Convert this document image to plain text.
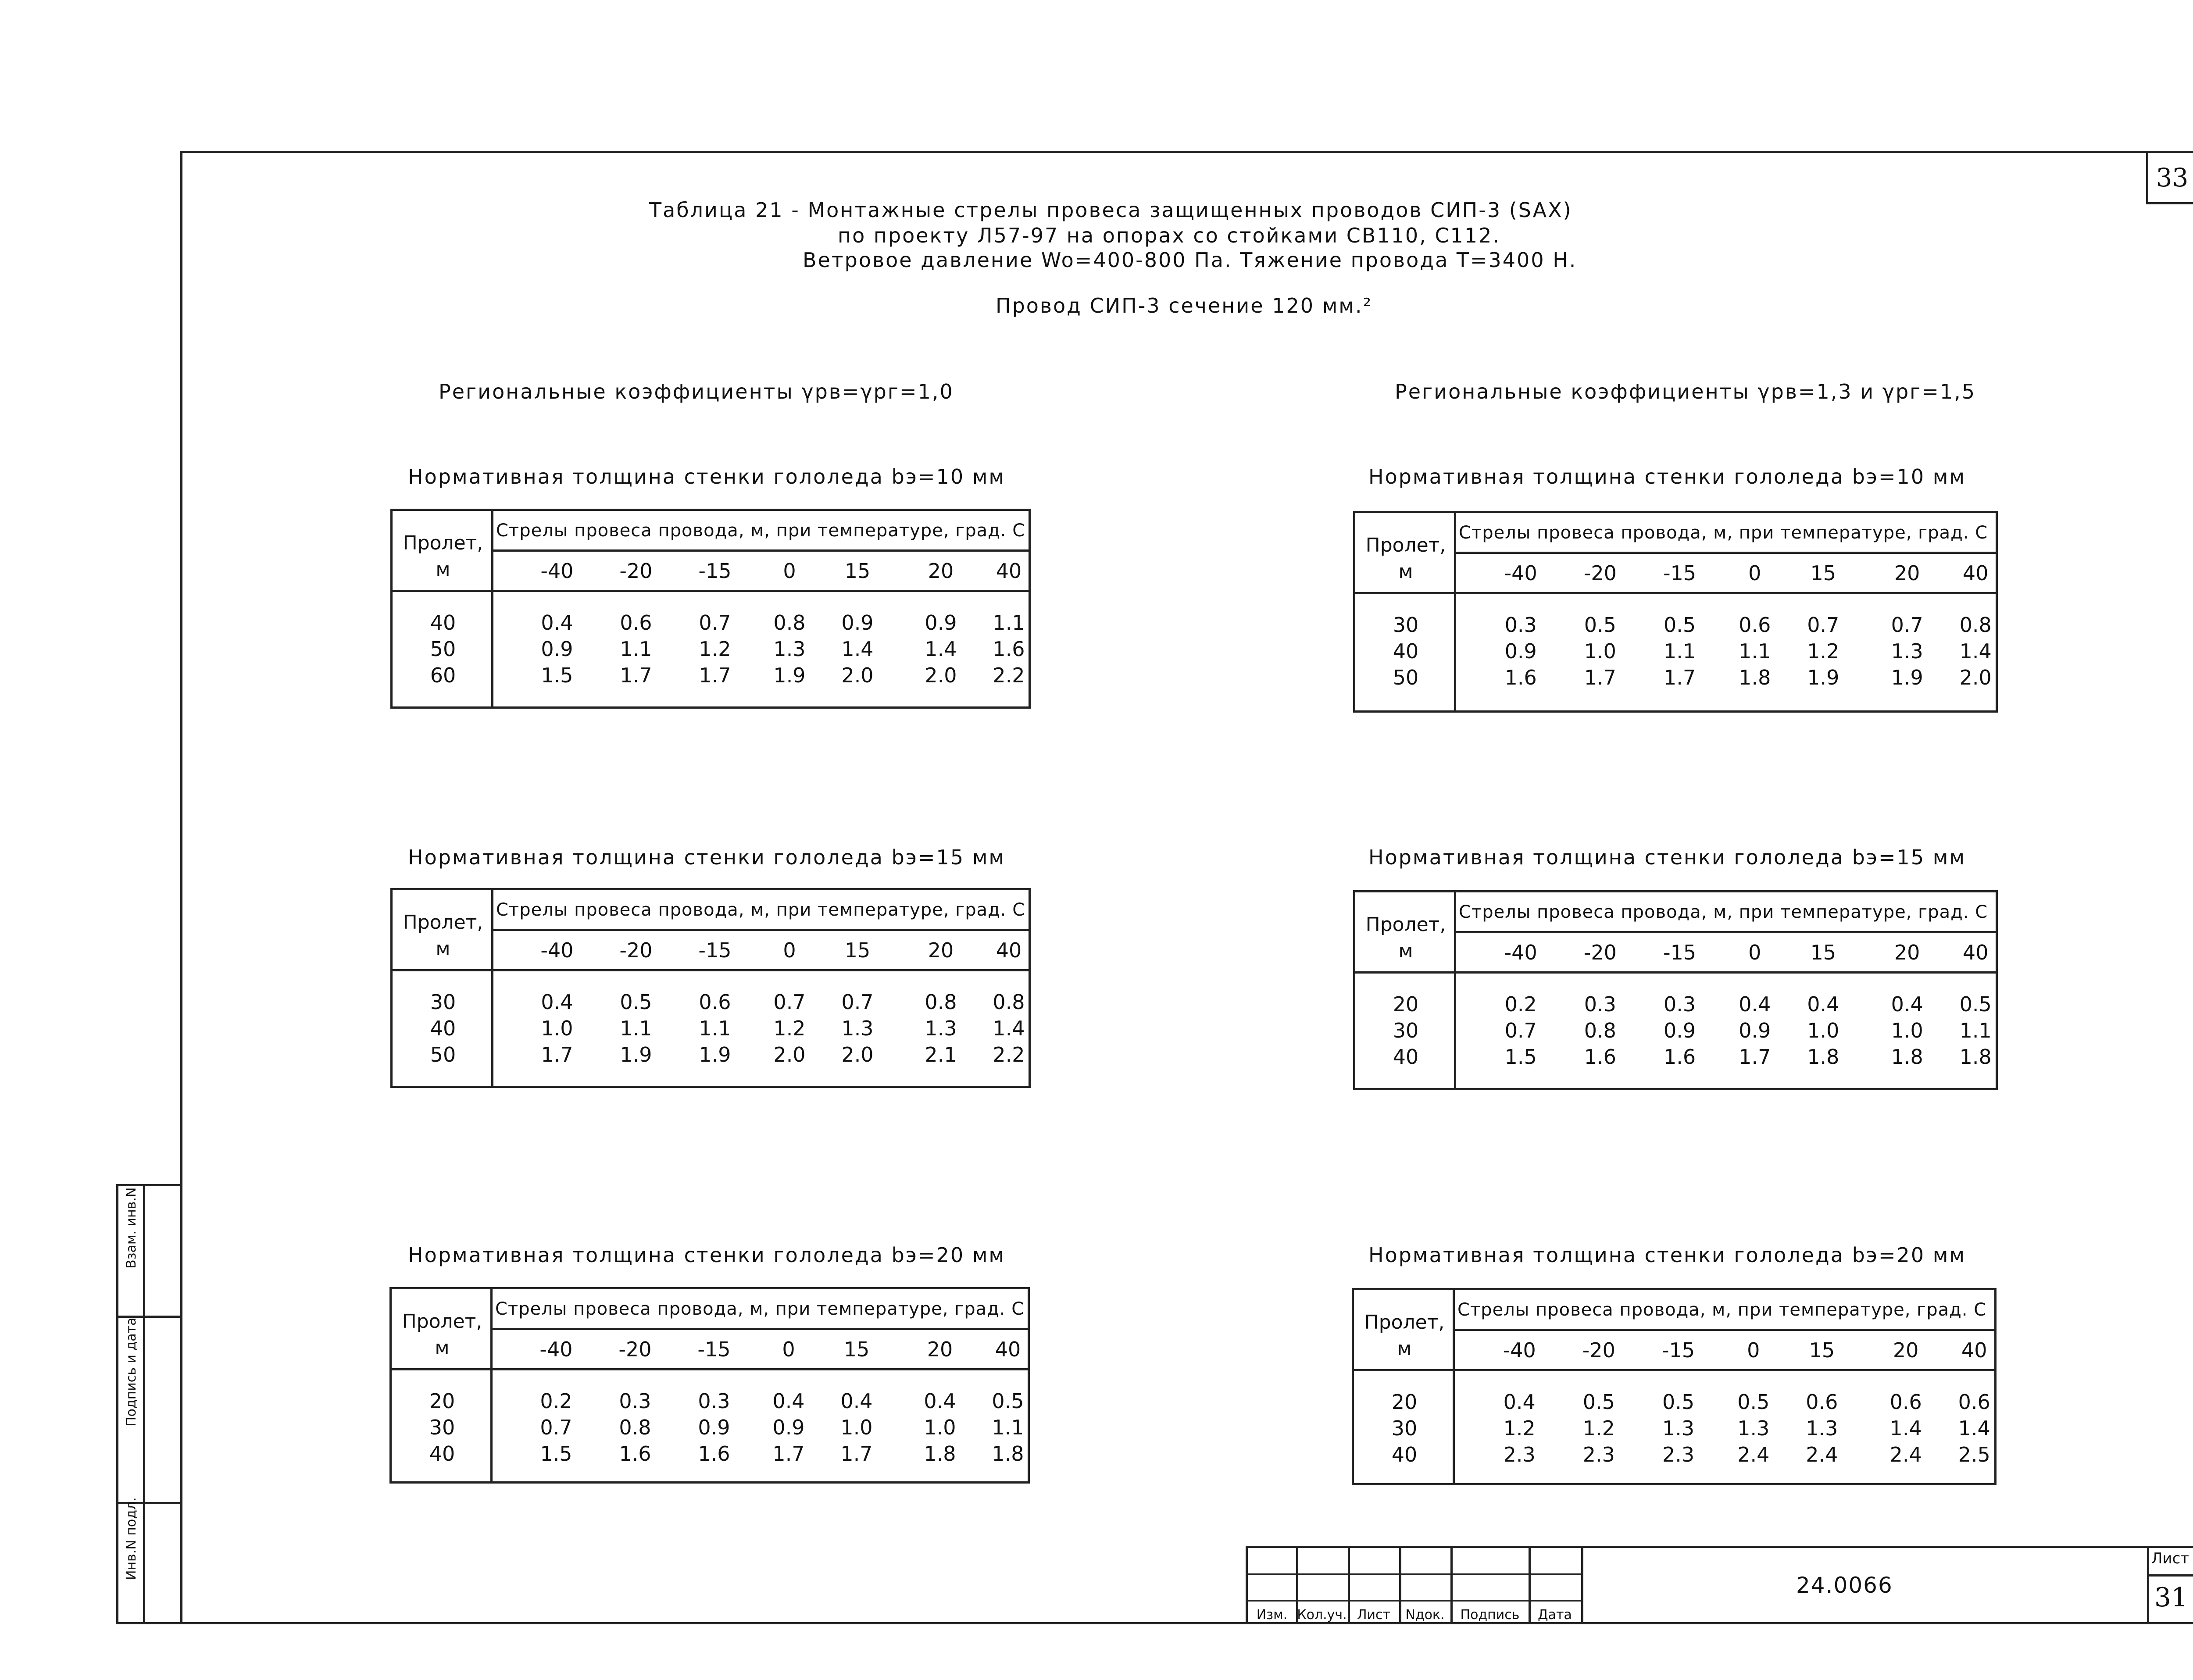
33
Таблица 21 - Монтажные стрелы провеса защищенных проводов СИП-3 (SAX)
по проекту Л57-97 на опорах со стойками СВ110, С112.
Ветровое давление Wo=400-800 Па. Тяжение провода Т=3400 Н.
Провод СИП-3 сечение 120 мм.²
Региональные коэффициенты γрв=γрг=1,0	Региональные коэффициенты γрв=1,3 и γрг=1,5
Нормативная толщина стенки гололеда bэ=10 мм
Пролет,
м
Стрелы провеса провода, м, при температуре, град. С
-40	-20	-15	0	15	20	40
40	0.4	0.6	0.7	0.8	0.9	0.9	1.1
50	0.9	1.1	1.2	1.3	1.4	1.4	1.6
60	1.5	1.7	1.7	1.9	2.0	2.0	2.2
Нормативная толщина стенки гололеда bэ=10 мм
Пролет,
м
Стрелы провеса провода, м, при температуре, град. С
-40	-20	-15	0	15	20	40
30	0.3	0.5	0.5	0.6	0.7	0.7	0.8
40	0.9	1.0	1.1	1.1	1.2	1.3	1.4
50	1.6	1.7	1.7	1.8	1.9	1.9	2.0
Нормативная толщина стенки гололеда bэ=15 мм
Пролет,
м
Стрелы провеса провода, м, при температуре, град. С
-40	-20	-15	0	15	20	40
30	0.4	0.5	0.6	0.7	0.7	0.8	0.8
40	1.0	1.1	1.1	1.2	1.3	1.3	1.4
50	1.7	1.9	1.9	2.0	2.0	2.1	2.2
Нормативная толщина стенки гололеда bэ=15 мм
Пролет,
м
Стрелы провеса провода, м, при температуре, град. С
-40	-20	-15	0	15	20	40
20	0.2	0.3	0.3	0.4	0.4	0.4	0.5
30	0.7	0.8	0.9	0.9	1.0	1.0	1.1
40	1.5	1.6	1.6	1.7	1.8	1.8	1.8
Нормативная толщина стенки гололеда bэ=20 мм
Пролет,
м
Стрелы провеса провода, м, при температуре, град. С
-40	-20	-15	0	15	20	40
20	0.2	0.3	0.3	0.4	0.4	0.4	0.5
30	0.7	0.8	0.9	0.9	1.0	1.0	1.1
40	1.5	1.6	1.6	1.7	1.7	1.8	1.8
Нормативная толщина стенки гололеда bэ=20 мм
Пролет,
м
Стрелы провеса провода, м, при температуре, град. С
-40	-20	-15	0	15	20	40
20	0.4	0.5	0.5	0.5	0.6	0.6	0.6
30	1.2	1.2	1.3	1.3	1.3	1.4	1.4
40	2.3	2.3	2.3	2.4	2.4	2.4	2.5
Взам. инв.N
Подпись и дата
Инв.N подл.
Изм. Кол.уч. Лист	Nдок.	Подпись	Дата
24.0066
Лист
31
